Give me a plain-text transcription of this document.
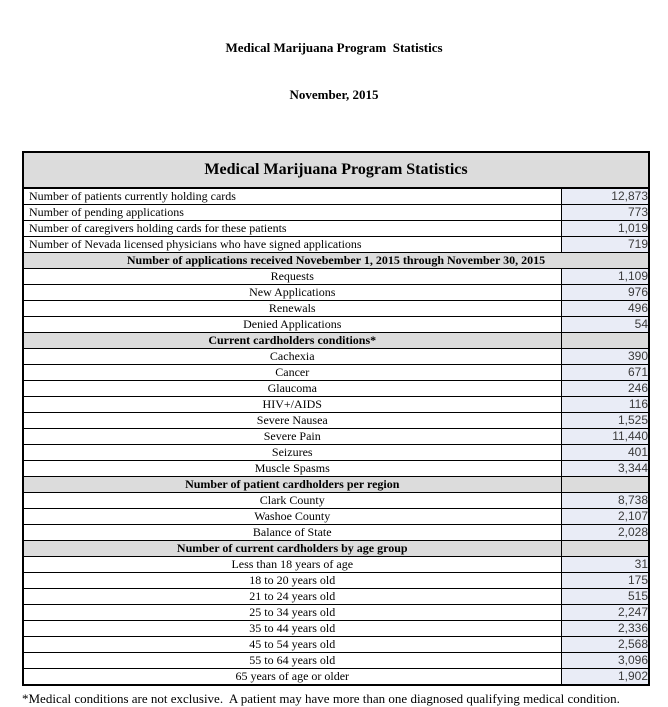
Medical Marijuana Program  Statistics

November, 2015

Medical Marijuana Program Statistics	
Number of patients currently holding cards	12,873
Number of pending applications	773
Number of caregivers holding cards for these patients	1,019
Number of Nevada licensed physicians who have signed applications	719
Number of applications received Novebember 1, 2015 through November 30, 2015	
Requests	1,109
New Applications	976
Renewals	496
Denied Applications	54
Current cardholders conditions*	
Cachexia	390
Cancer	671
Glaucoma	246
HIV+/AIDS	116
Severe Nausea	1,525
Severe Pain	11,440
Seizures	401
Muscle Spasms	3,344
Number of patient cardholders per region	
Clark County	8,738
Washoe County	2,107
Balance of State	2,028
Number of current cardholders by age group	
Less than 18 years of age	31
18 to 20 years old	175
21 to 24 years old	515
25 to 34 years old	2,247
35 to 44 years old	2,336
45 to 54 years old	2,568
55 to 64 years old	3,096
65 years of age or older	1,902
*Medical conditions are not exclusive.  A patient may have more than one diagnosed qualifying medical condition.
